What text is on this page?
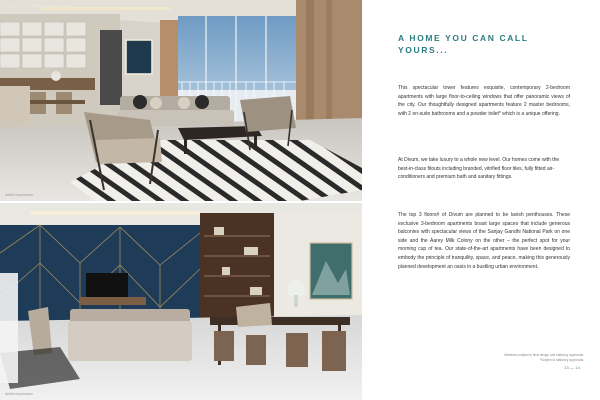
DIVUM · CONNECTED LIVING
Artist's impression
Artist's impression
A HOME YOU CAN CALL YOURS...

This spectacular tower features exquisite, contemporary 2-bedroom apartments with large floor-to-ceiling windows that offer panoramic views of the city. Our thoughtfully designed apartments feature 2 master bedrooms, with 2 en-suite bathrooms and a powder toilet* which is a unique offering.

At Divum, we take luxury to a whole new level. Our homes come with the best-in-class fitouts including branded, vitrified floor tiles, fully fitted air-conditioners and premium bath and sanitary fittings.

The top 3 floors# of Divum are planned to be lavish penthouses. These exclusive 3-bedroom apartments boast large spaces that include generous balconies with spectacular views of the Sanjay Gandhi National Park on one side and the Aarey Milk Colony on the other – the perfect spot for your morning cup of tea. Our state-of-the-art apartments have been designed to embody the principle of tranquility, space, and peace, making this generously planned development an oasis in a bustling urban environment.

Attributes subject to final design and statutory approvals.
*Subject to statutory approvals.
13 — 14
